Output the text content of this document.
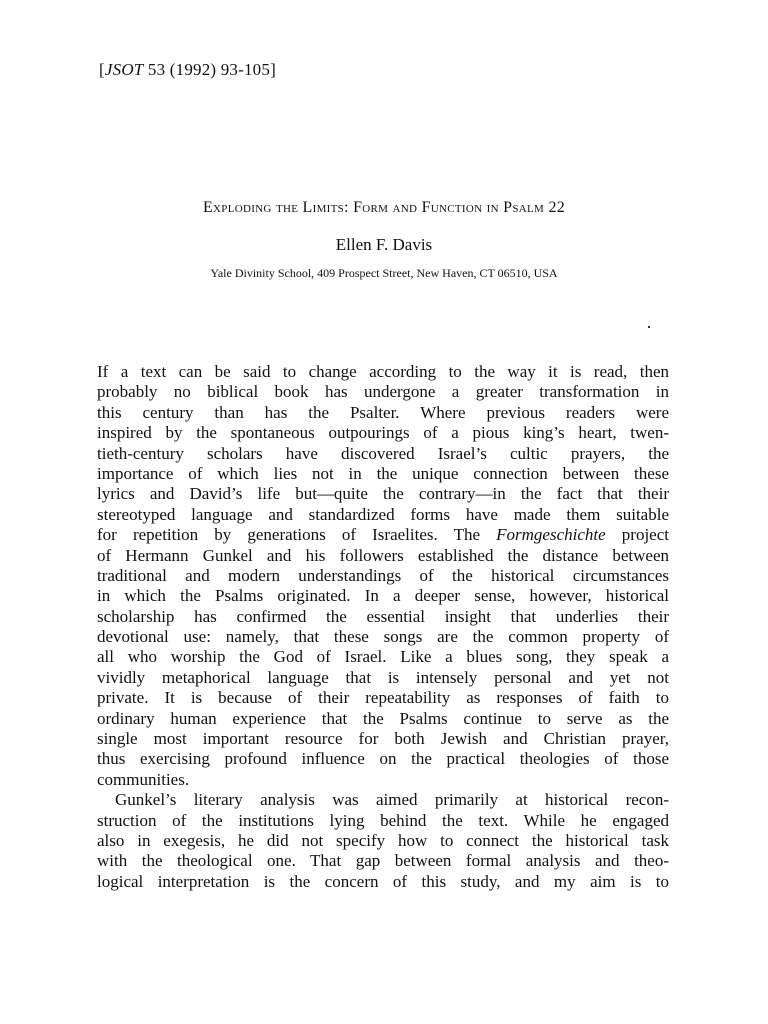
[JSOT 53 (1992) 93-105]
Exploding the Limits: Form and Function in Psalm 22
Ellen F. Davis
Yale Divinity School, 409 Prospect Street, New Haven, CT 06510, USA
If a text can be said to change according to the way it is read, then
probably no biblical book has undergone a greater transformation in
this century than has the Psalter. Where previous readers were
inspired by the spontaneous outpourings of a pious king’s heart, twen-
tieth-century scholars have discovered Israel’s cultic prayers, the
importance of which lies not in the unique connection between these
lyrics and David’s life but—quite the contrary—in the fact that their
stereotyped language and standardized forms have made them suitable
for repetition by generations of Israelites. The Formgeschichte project
of Hermann Gunkel and his followers established the distance between
traditional and modern understandings of the historical circumstances
in which the Psalms originated. In a deeper sense, however, historical
scholarship has confirmed the essential insight that underlies their
devotional use: namely, that these songs are the common property of
all who worship the God of Israel. Like a blues song, they speak a
vividly metaphorical language that is intensely personal and yet not
private. It is because of their repeatability as responses of faith to
ordinary human experience that the Psalms continue to serve as the
single most important resource for both Jewish and Christian prayer,
thus exercising profound influence on the practical theologies of those
communities.
Gunkel’s literary analysis was aimed primarily at historical recon-
struction of the institutions lying behind the text. While he engaged
also in exegesis, he did not specify how to connect the historical task
with the theological one. That gap between formal analysis and theo-
logical interpretation is the concern of this study, and my aim is to
